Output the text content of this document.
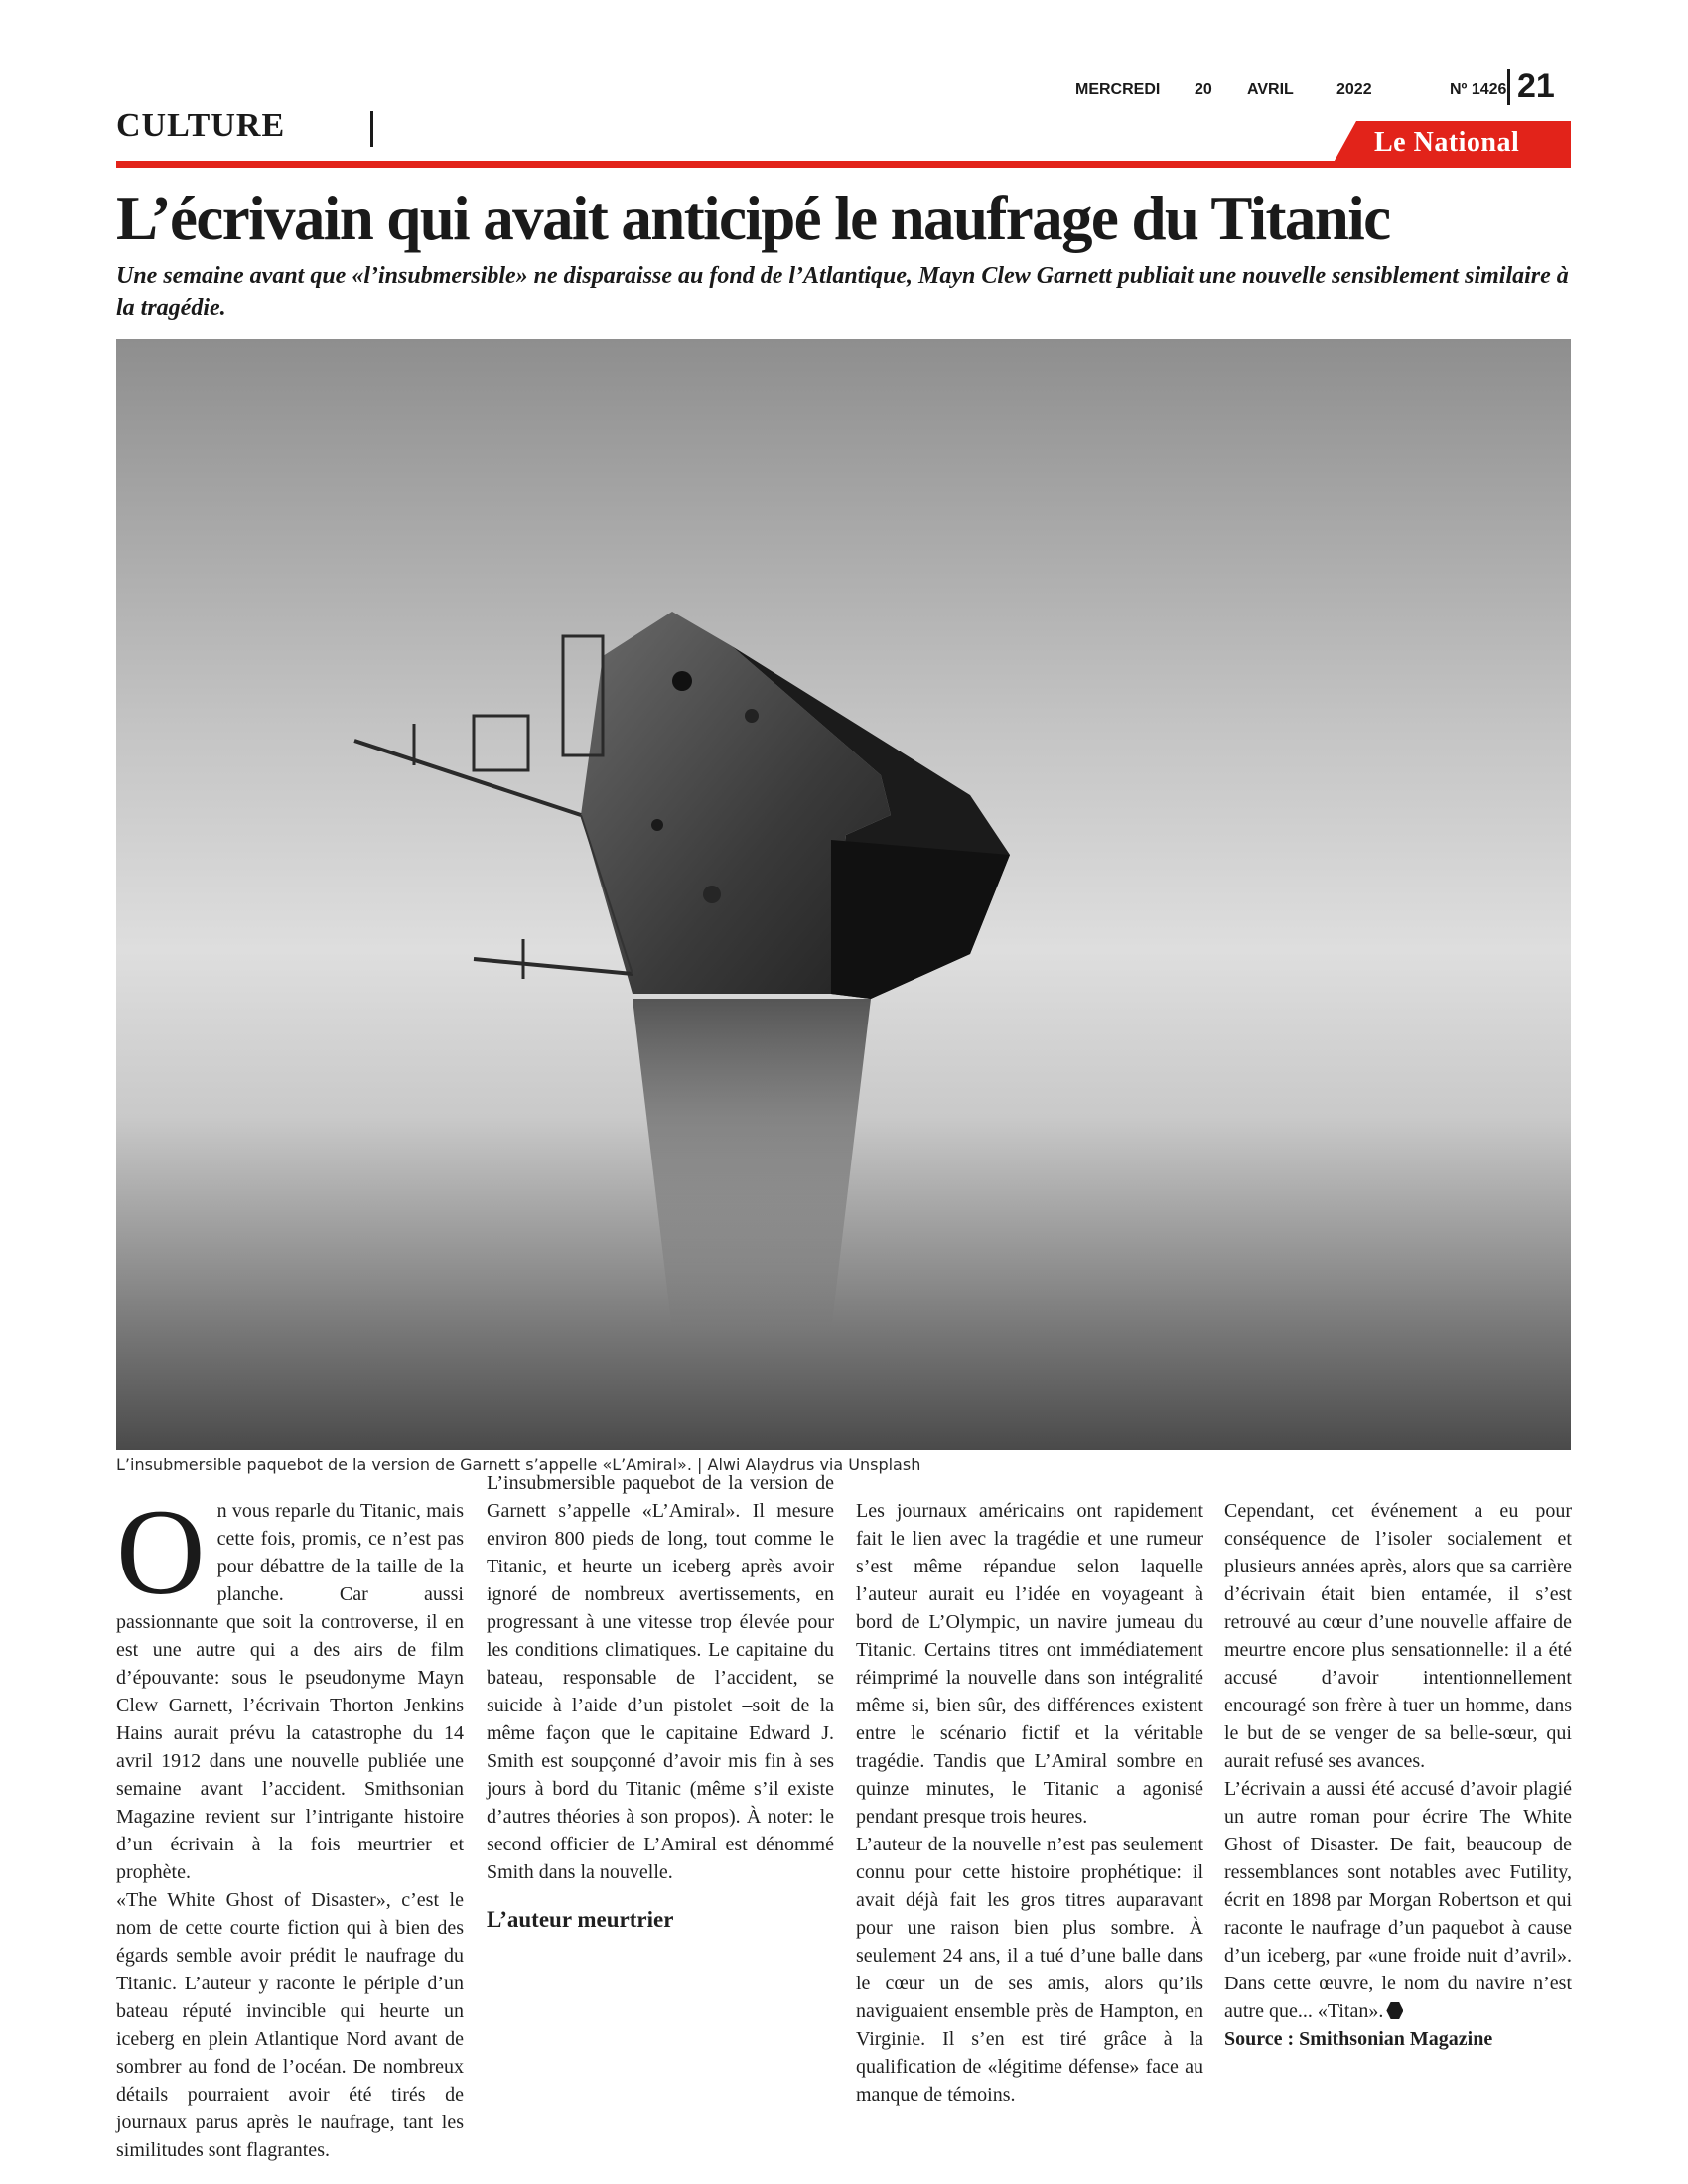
MERCREDI 20 AVRIL	2022	Nº 1426 21
CULTURE	Le National
L’écrivain qui avait anticipé le naufrage du Titanic

Une semaine avant que «l’insubmersible» ne disparaisse au fond de l’Atlantique, Mayn Clew Garnett publiait une nouvelle sensiblement similaire à la tragédie.

L’insubmersible paquebot de la version de Garnett s’appelle «L’Amiral». | Alwi Alaydrus via Unsplash

On vous reparle du Titanic, mais cette fois, promis, ce n’est pas pour débattre de la taille de la planche. Car aussi passionnante que soit la controverse, il en est une autre qui a des airs de film d’épouvante: sous le pseudonyme Mayn Clew Garnett, l’écrivain Thorton Jenkins Hains aurait prévu la catastrophe du 14 avril 1912 dans une nouvelle publiée une semaine avant l’accident. Smithsonian Magazine revient sur l’intrigante histoire d’un écrivain à la fois meurtrier et prophète.

«The White Ghost of Disaster», c’est le nom de cette courte fiction qui à bien des égards semble avoir prédit le naufrage du Titanic. L’auteur y raconte le périple d’un bateau réputé invincible qui heurte un iceberg en plein Atlantique Nord avant de sombrer au fond de l’océan. De nombreux détails pourraient avoir été tirés de journaux parus après le naufrage, tant les similitudes sont flagrantes.

L’insubmersible paquebot de la version de Garnett s’appelle «L’Amiral». Il mesure environ 800 pieds de long, tout comme le Titanic, et heurte un iceberg après avoir ignoré de nombreux avertissements, en progressant à une vitesse trop élevée pour les conditions climatiques. Le capitaine du bateau, responsable de l’accident, se suicide à l’aide d’un pistolet –soit de la même façon que le capitaine Edward J. Smith est soupçonné d’avoir mis fin à ses jours à bord du Titanic (même s’il existe d’autres théories à son propos). À noter: le second officier de L’Amiral est dénommé Smith dans la nouvelle.

L’auteur meurtrier

Les journaux américains ont rapidement fait le lien avec la tragédie et une rumeur s’est même répandue selon laquelle l’auteur aurait eu l’idée en voyageant à bord de L’Olympic, un navire jumeau du Titanic. Certains titres ont immédiatement réimprimé la nouvelle dans son intégralité même si, bien sûr, des différences existent entre le scénario fictif et la véritable tragédie. Tandis que L’Amiral sombre en quinze minutes, le Titanic a agonisé pendant presque trois heures.

L’auteur de la nouvelle n’est pas seulement connu pour cette histoire prophétique: il avait déjà fait les gros titres auparavant pour une raison bien plus sombre. À seulement 24 ans, il a tué d’une balle dans le cœur un de ses amis, alors qu’ils naviguaient ensemble près de Hampton, en Virginie. Il s’en est tiré grâce à la qualification de «légitime défense» face au manque de témoins.

Cependant, cet événement a eu pour conséquence de l’isoler socialement et plusieurs années après, alors que sa carrière d’écrivain était bien entamée, il s’est retrouvé au cœur d’une nouvelle affaire de meurtre encore plus sensationnelle: il a été accusé d’avoir intentionnellement encouragé son frère à tuer un homme, dans le but de se venger de sa belle-sœur, qui aurait refusé ses avances.

L’écrivain a aussi été accusé d’avoir plagié un autre roman pour écrire The White Ghost of Disaster. De fait, beaucoup de ressemblances sont notables avec Futility, écrit en 1898 par Morgan Robertson et qui raconte le naufrage d’un paquebot à cause d’un iceberg, par «une froide nuit d’avril». Dans cette œuvre, le nom du navire n’est autre que... «Titan».

Source : Smithsonian Magazine
